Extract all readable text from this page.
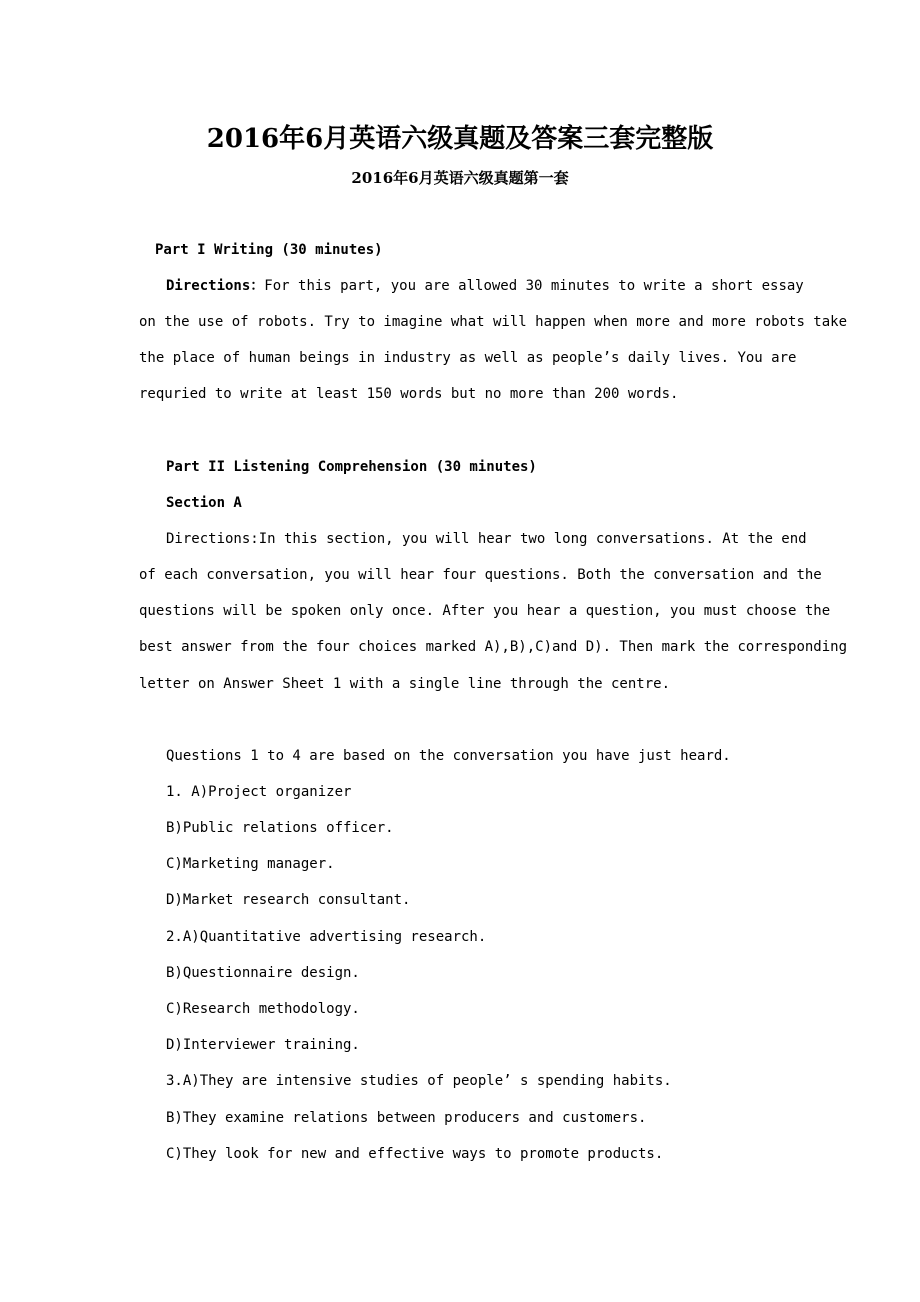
2016年6月英语六级真题及答案三套完整版
2016年6月英语六级真题第一套
Part I Writing (30 minutes)
Directions：For this part, you are allowed 30 minutes to write a short essay
on the use of robots. Try to imagine what will happen when more and more robots take
the place of human beings in industry as well as people’s daily lives. You are
requried to write at least 150 words but no more than 200 words.
Part II Listening Comprehension (30 minutes)
Section A
Directions:In this section, you will hear two long conversations. At the end
of each conversation, you will hear four questions. Both the conversation and the
questions will be spoken only once. After you hear a question, you must choose the
best answer from the four choices marked A),B),C)and D). Then mark the corresponding
letter on Answer Sheet 1 with a single line through the centre.
Questions 1 to 4 are based on the conversation you have just heard.
1. A)Project organizer
B)Public relations officer.
C)Marketing manager.
D)Market research consultant.
2.A)Quantitative advertising research.
B)Questionnaire design.
C)Research methodology.
D)Interviewer training.
3.A)They are intensive studies of people’ s spending habits.
B)They examine relations between producers and customers.
C)They look for new and effective ways to promote products.
